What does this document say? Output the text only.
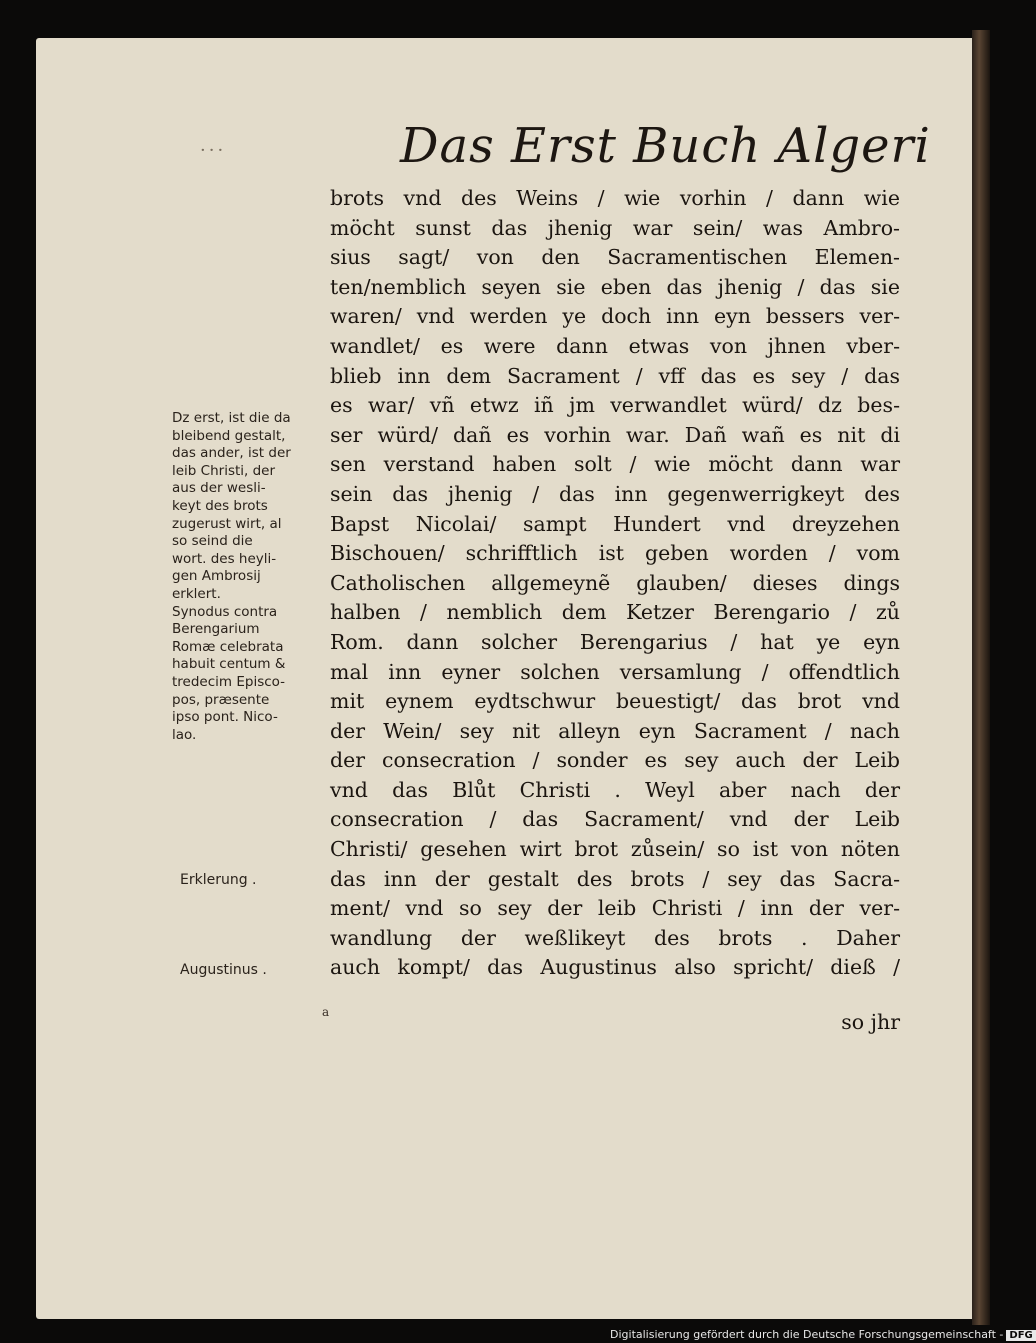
···	Das Erst Buch Algeri
brots vnd des Weins / wie vorhin / dann wie
möcht sunst das jhenig war sein/ was Ambro-
sius sagt/ von den Sacramentischen Elemen-
ten/nemblich seyen sie eben das jhenig / das sie
waren/ vnd werden ye doch inn eyn bessers ver-
wandlet/ es were dann etwas von jhnen vber-
blieb inn dem Sacrament / vff das es sey / das
es war/ vñ etwz iñ jm verwandlet würd/ dz bes-
ser würd/ dañ es vorhin war. Dañ wañ es nit di
sen verstand haben solt / wie möcht dann war
sein das jhenig / das inn gegenwerrigkeyt des
Bapst Nicolai/ sampt Hundert vnd dreyzehen
Bischouen/ schrifftlich ist geben worden / vom
Catholischen allgemeynẽ glauben/ dieses dings
halben / nemblich dem Ketzer Berengario / zů
Rom. dann solcher Berengarius / hat ye eyn
mal inn eyner solchen versamlung / offendtlich
mit eynem eydtschwur beuestigt/ das brot vnd
der Wein/ sey nit alleyn eyn Sacrament / nach
der consecration / sonder es sey auch der Leib
vnd das Blůt Christi . Weyl aber nach der
consecration / das Sacrament/ vnd der Leib
Christi/ gesehen wirt brot zůsein/ so ist von nöten
das inn der gestalt des brots / sey das Sacra-
ment/ vnd so sey der leib Christi / inn der ver-
wandlung der weßlikeyt des brots . Daher
auch kompt/ das Augustinus also spricht/ dieß /
Dz erst, ist die da
bleibend gestalt,
das ander, ist der
leib Christi, der
aus der wesli-
keyt des brots
zugerust wirt, al
so seind die
wort. des heyli-
gen Ambrosij
erklert.
Synodus contra
Berengarium
Romæ celebrata
habuit centum &
tredecim Episco-
pos, præsente
ipso pont. Nico-
lao.
Erklerung .
Augustinus .
a	so jhr
Digitalisierung gefördert durch die Deutsche Forschungsgemeinschaft - DFG
